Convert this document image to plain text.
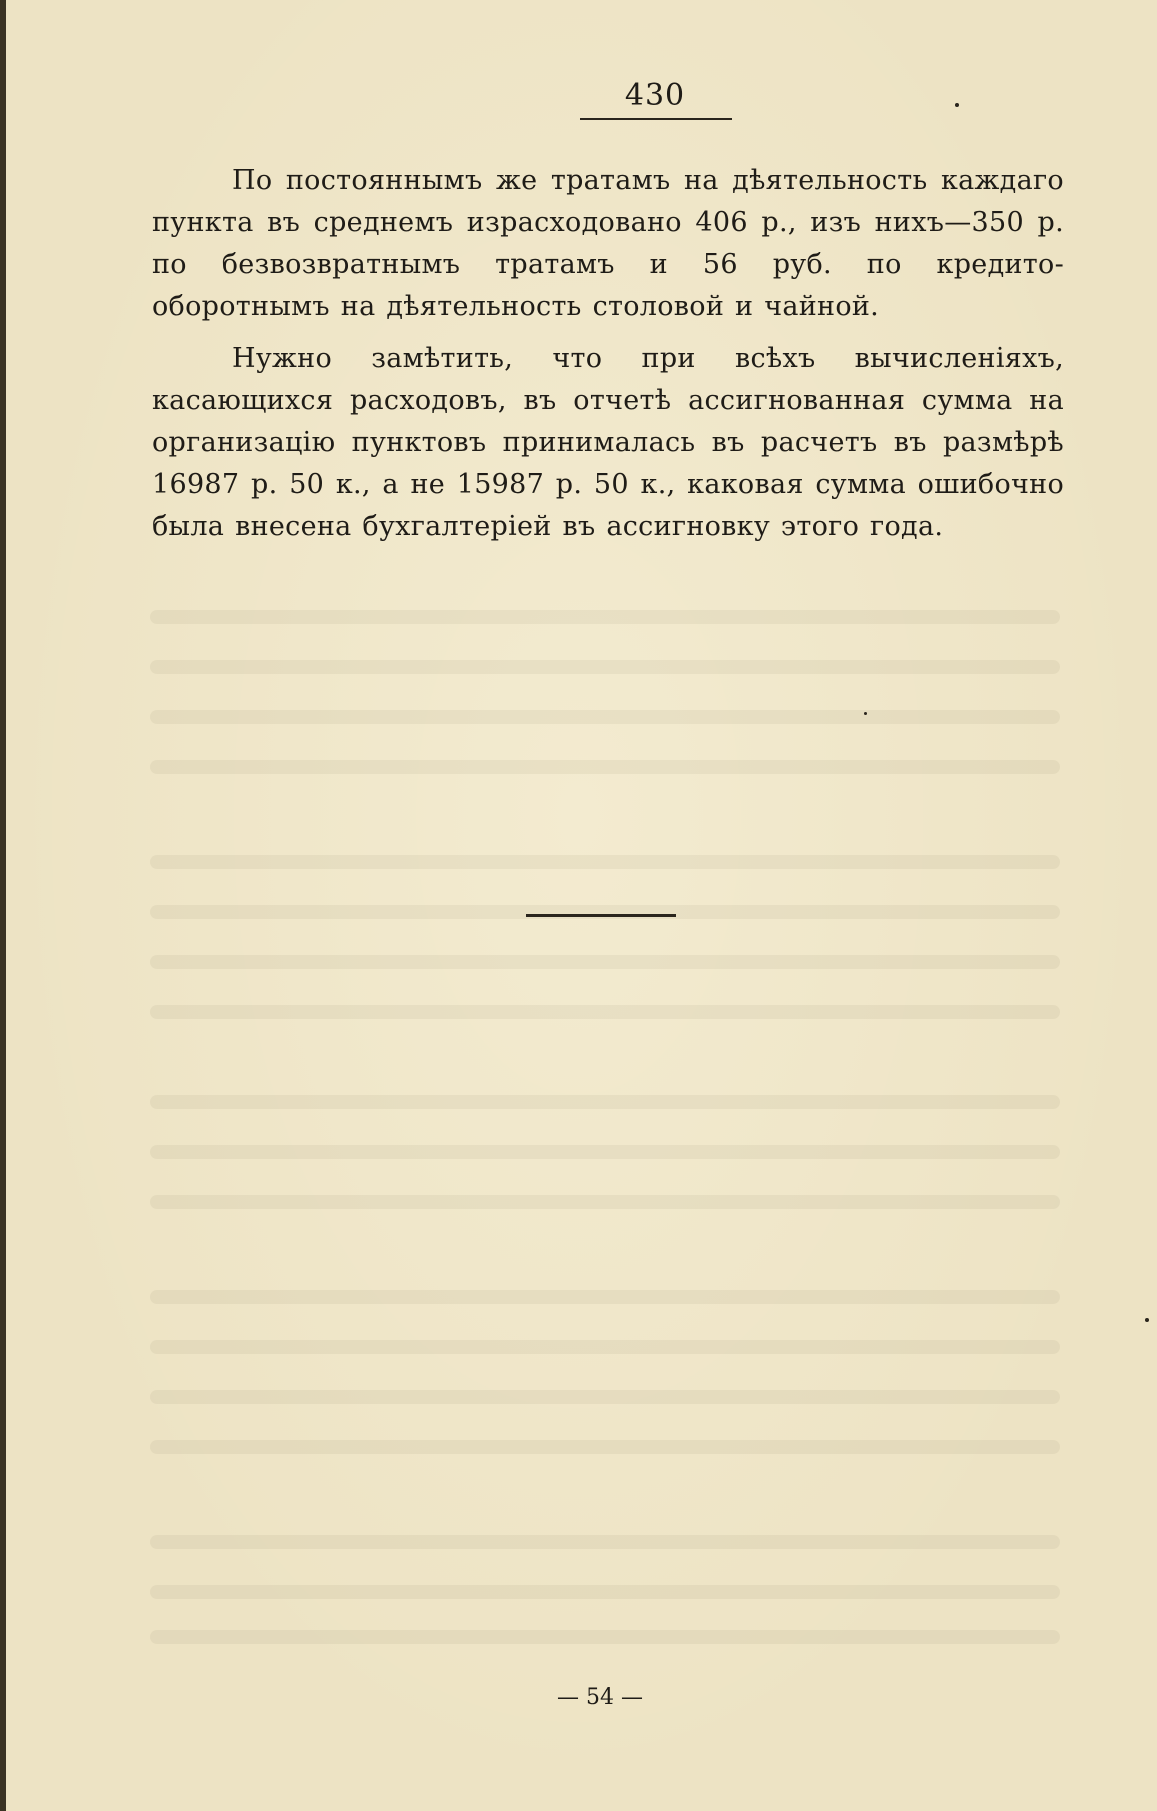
430

По постояннымъ же тратамъ на дѣятельность каждаго пункта въ среднемъ израсходовано 406 р., изъ нихъ—350 р. по безвозвратнымъ тратамъ и 56 руб. по кредито-оборотнымъ на дѣятельность столовой и чайной.

Нужно замѣтить, что при всѣхъ вычисленіяхъ, касающихся расходовъ, въ отчетѣ ассигнованная сумма на организацію пунктовъ принималась въ расчетъ въ размѣрѣ 16987 р. 50 к., а не 15987 р. 50 к., каковая сумма ошибочно была внесена бухгалтеріей въ ассигновку этого года.

— 54 —
